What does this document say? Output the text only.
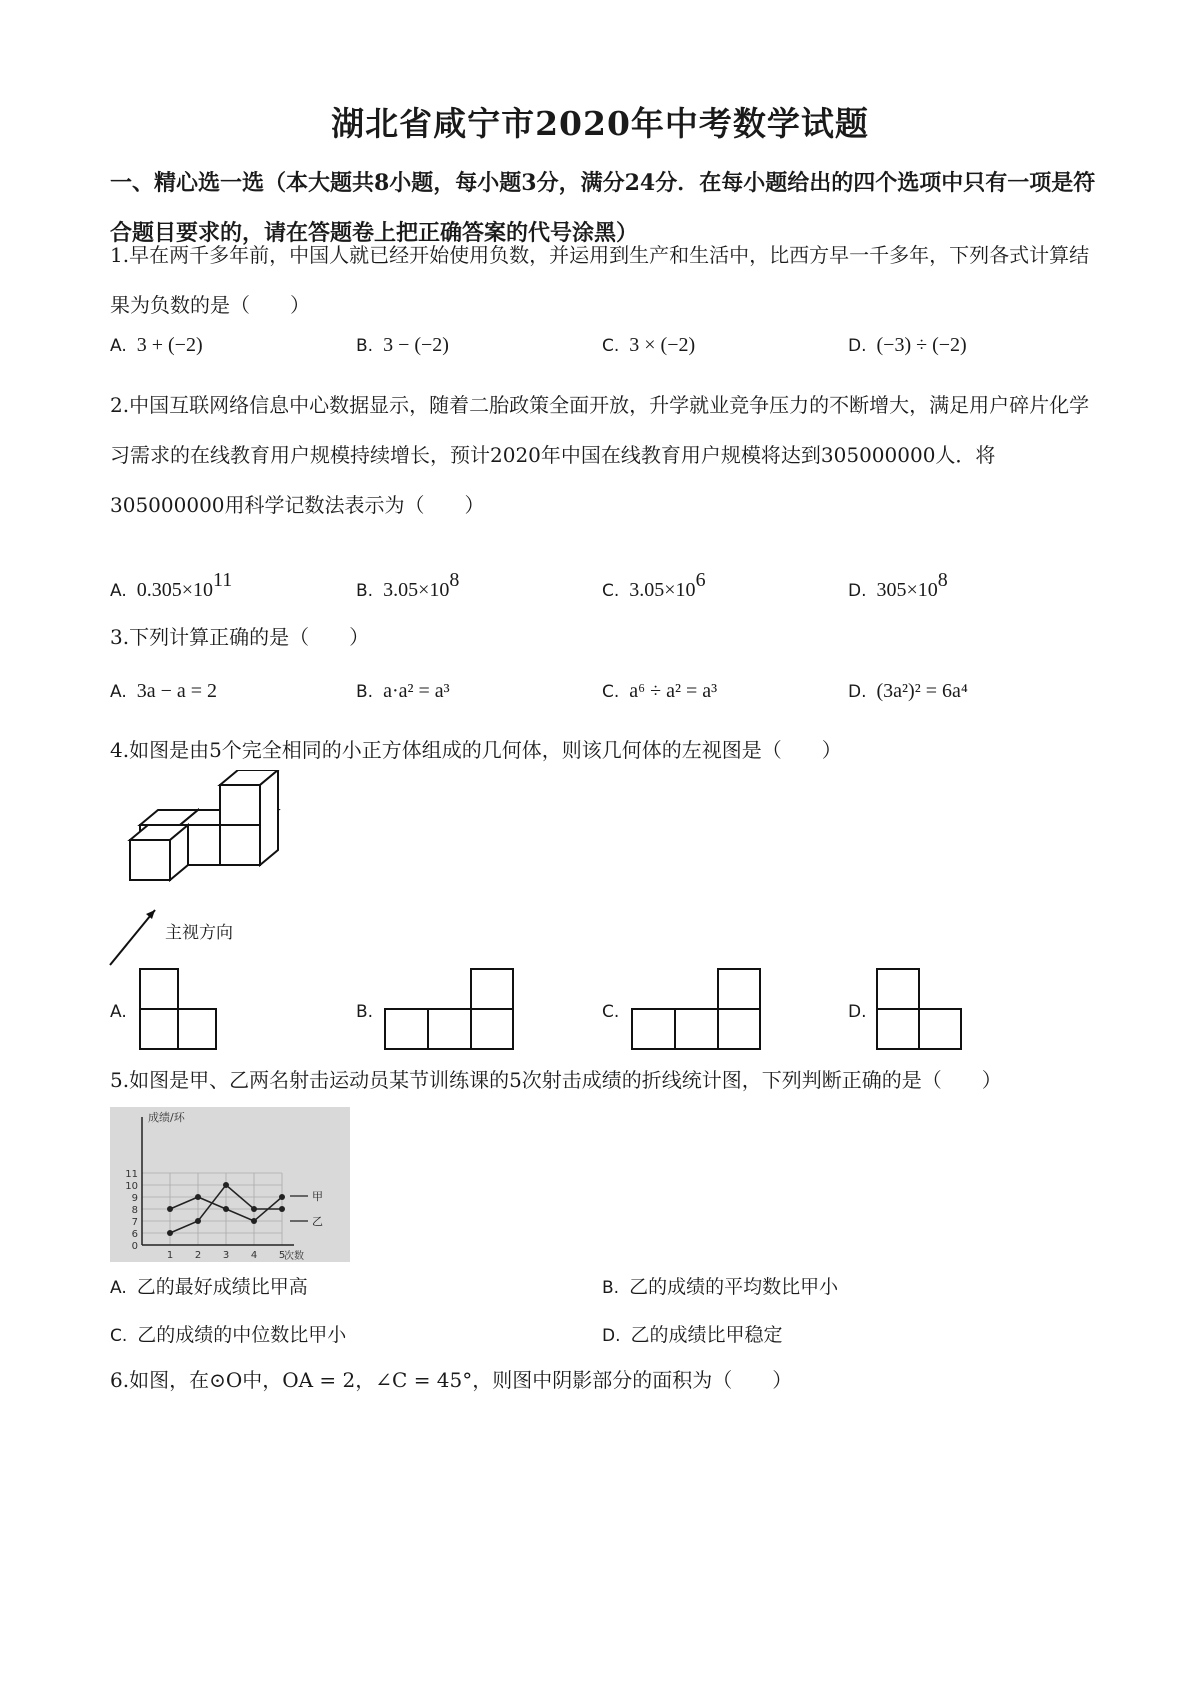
湖北省咸宁市2020年中考数学试题
一、精心选一选（本大题共8小题，每小题3分，满分24分．在每小题给出的四个选项中只有一项是符合题目要求的，请在答题卷上把正确答案的代号涂黑）
1.早在两千多年前，中国人就已经开始使用负数，并运用到生产和生活中，比西方早一千多年，下列各式计算结果为负数的是（　　）
A. 3 + (−2)	B. 3 − (−2)	C. 3 × (−2)	D. (−3) ÷ (−2)
2.中国互联网络信息中心数据显示，随着二胎政策全面开放，升学就业竞争压力的不断增大，满足用户碎片化学习需求的在线教育用户规模持续增长，预计2020年中国在线教育用户规模将达到305000000人．将305000000用科学记数法表示为（　　）
A. $0.305\times 10^{11}$	B. $3.05\times 10^8$	C. $3.05\times 10^6$	D. $305\times 10^8$
3.下列计算正确的是（　　）
A. 3a − a = 2	B. a·a² = a³	C. a⁶ ÷ a² = a³	D. (3a²)² = 6a⁴
4.如图是由5个完全相同的小正方体组成的几何体，则该几何体的左视图是（　　）
主视方向
A.	B.	C.	D.
5.如图是甲、乙两名射击运动员某节训练课的5次射击成绩的折线统计图，下列判断正确的是（　　）
成绩/环
次数
0
6
7
8
9
10
11
1 2 3 4 5
甲
乙
A. 乙的最好成绩比甲高	B. 乙的成绩的平均数比甲小
C. 乙的成绩的中位数比甲小	D. 乙的成绩比甲稳定
6.如图，在⊙O中，OA = 2，∠C = 45°，则图中阴影部分的面积为（　　）
